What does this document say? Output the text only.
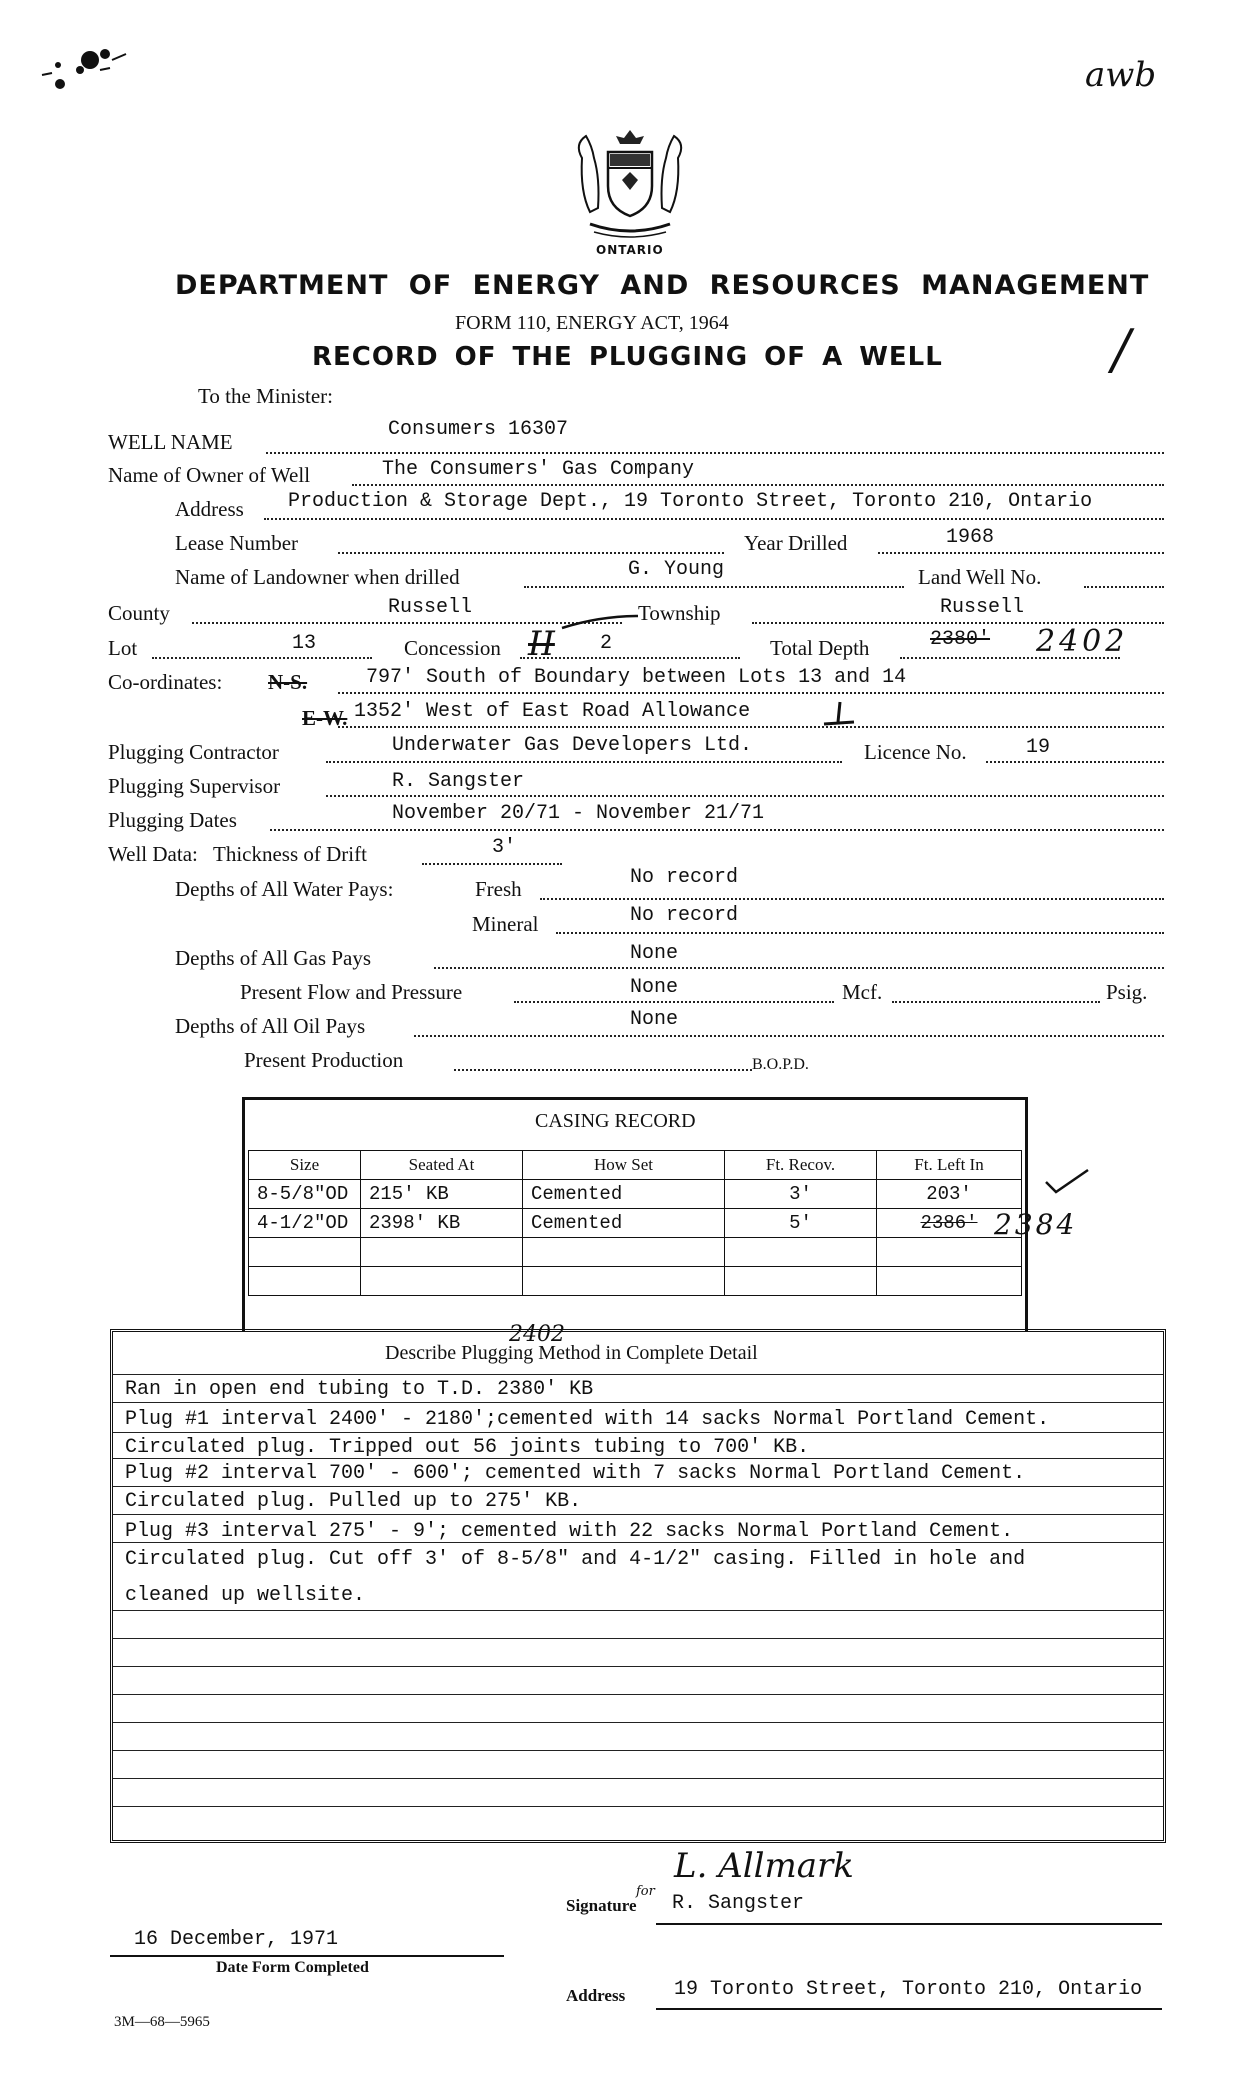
awb
ONTARIO
DEPARTMENT OF ENERGY AND RESOURCES MANAGEMENT
FORM 110, ENERGY ACT, 1964
RECORD OF THE PLUGGING OF A WELL	/
To the Minister:
WELL NAME
Consumers 16307
Name of Owner of Well	The Consumers' Gas Company
Address Production & Storage Dept., 19 Toronto Street, Toronto 210, Ontario
Lease Number	Year Drilled	1968
Name of Landowner when drilled	G. Young	Land Well No.
County	Russell	Township	Russell
Lot	13	Concession II 2	Total Depth	2380' 2402
Co-ordinates: N-S.	797' South of Boundary between Lots 13 and 14
E-W. 1352' West of East Road Allowance
Plugging Contractor	Underwater Gas Developers Ltd.	Licence No.	19
Plugging Supervisor	R. Sangster
Plugging Dates	November 20/71 - November 21/71
Well Data: Thickness of Drift	3'
Depths of All Water Pays:	Fresh	No record
Mineral	No record
Depths of All Gas Pays	None
Present Flow and Pressure	None	Mcf.	Psig.
Depths of All Oil Pays	None
Present Production	B.O.P.D.
CASING RECORD
Size	Seated At	How Set	Ft. Recov.	Ft. Left In
8-5/8"OD	215' KB	Cemented	3'	203'
4-1/2"OD	2398' KB	Cemented	5'	2386'

				2384
Describe Plugging Method in Complete Detail
2402
Ran in open end tubing to T.D. 2380' KB
Plug #1 interval 2400' - 2180';cemented with 14 sacks Normal Portland Cement.
Circulated plug. Tripped out 56 joints tubing to 700' KB.
Plug #2 interval 700' - 600'; cemented with 7 sacks Normal Portland Cement.
Circulated plug. Pulled up to 275' KB.
Plug #3 interval 275' - 9'; cemented with 22 sacks Normal Portland Cement.
Circulated plug. Cut off 3' of 8-5/8" and 4-1/2" casing. Filled in hole and
cleaned up wellsite.
L. Allmark
Signature
for
R. Sangster
16 December, 1971
Date Form Completed
Address 19 Toronto Street, Toronto 210, Ontario
3M—68—5965
